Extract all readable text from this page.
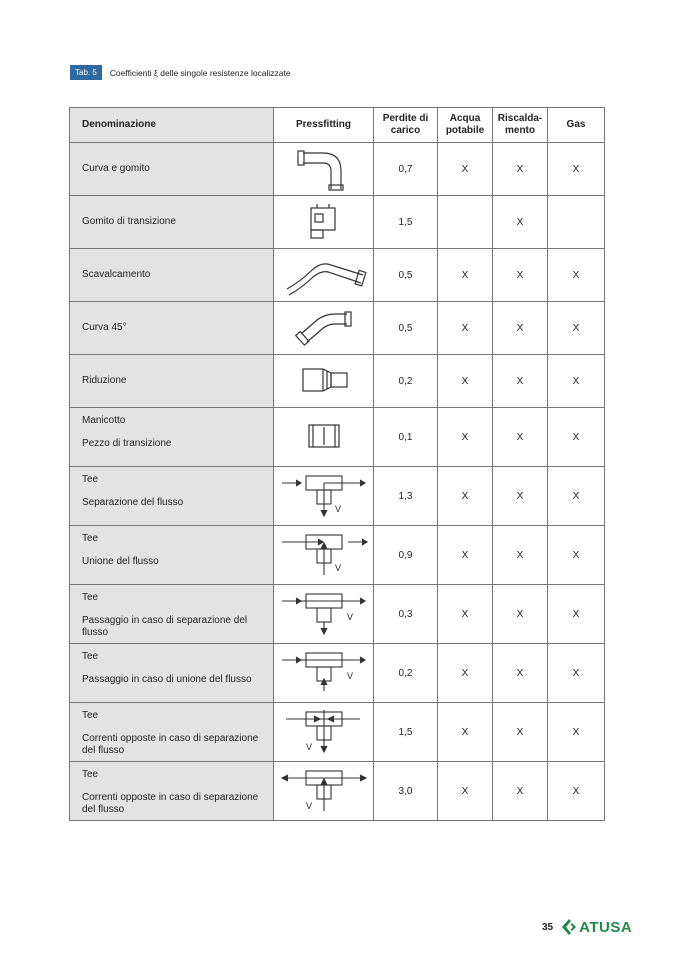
Tab. 5	Coefficienti ξ delle singole resistenze localizzate
Denominazione	Pressfitting	Perdite di carico	Acqua potabile	Riscalda- mento	Gas
Curva e gomito		0,7	X	X	X
Gomito di transizione		1,5		X	
Scavalcamento		0,5	X	X	X
Curva 45°		0,5	X	X	X
Riduzione		0,2	X	X	X

Manicotto
Pezzo di transizione		0,1	X	X	X

Tee
Separazione del flusso	V	1,3	X	X	X

Tee
Unione del flusso	V	0,9	X	X	X

Tee
Passaggio in caso di separazione del flusso	V	0,3	X	X	X

Tee
Passaggio in caso di unione del flusso	V	0,2	X	X	X

Tee
Correnti opposte in caso di separazione del flusso	V	1,5	X	X	X

Tee
Correnti opposte in caso di separazione del flusso	V	3,0	X	X	X
35 ATUSA
